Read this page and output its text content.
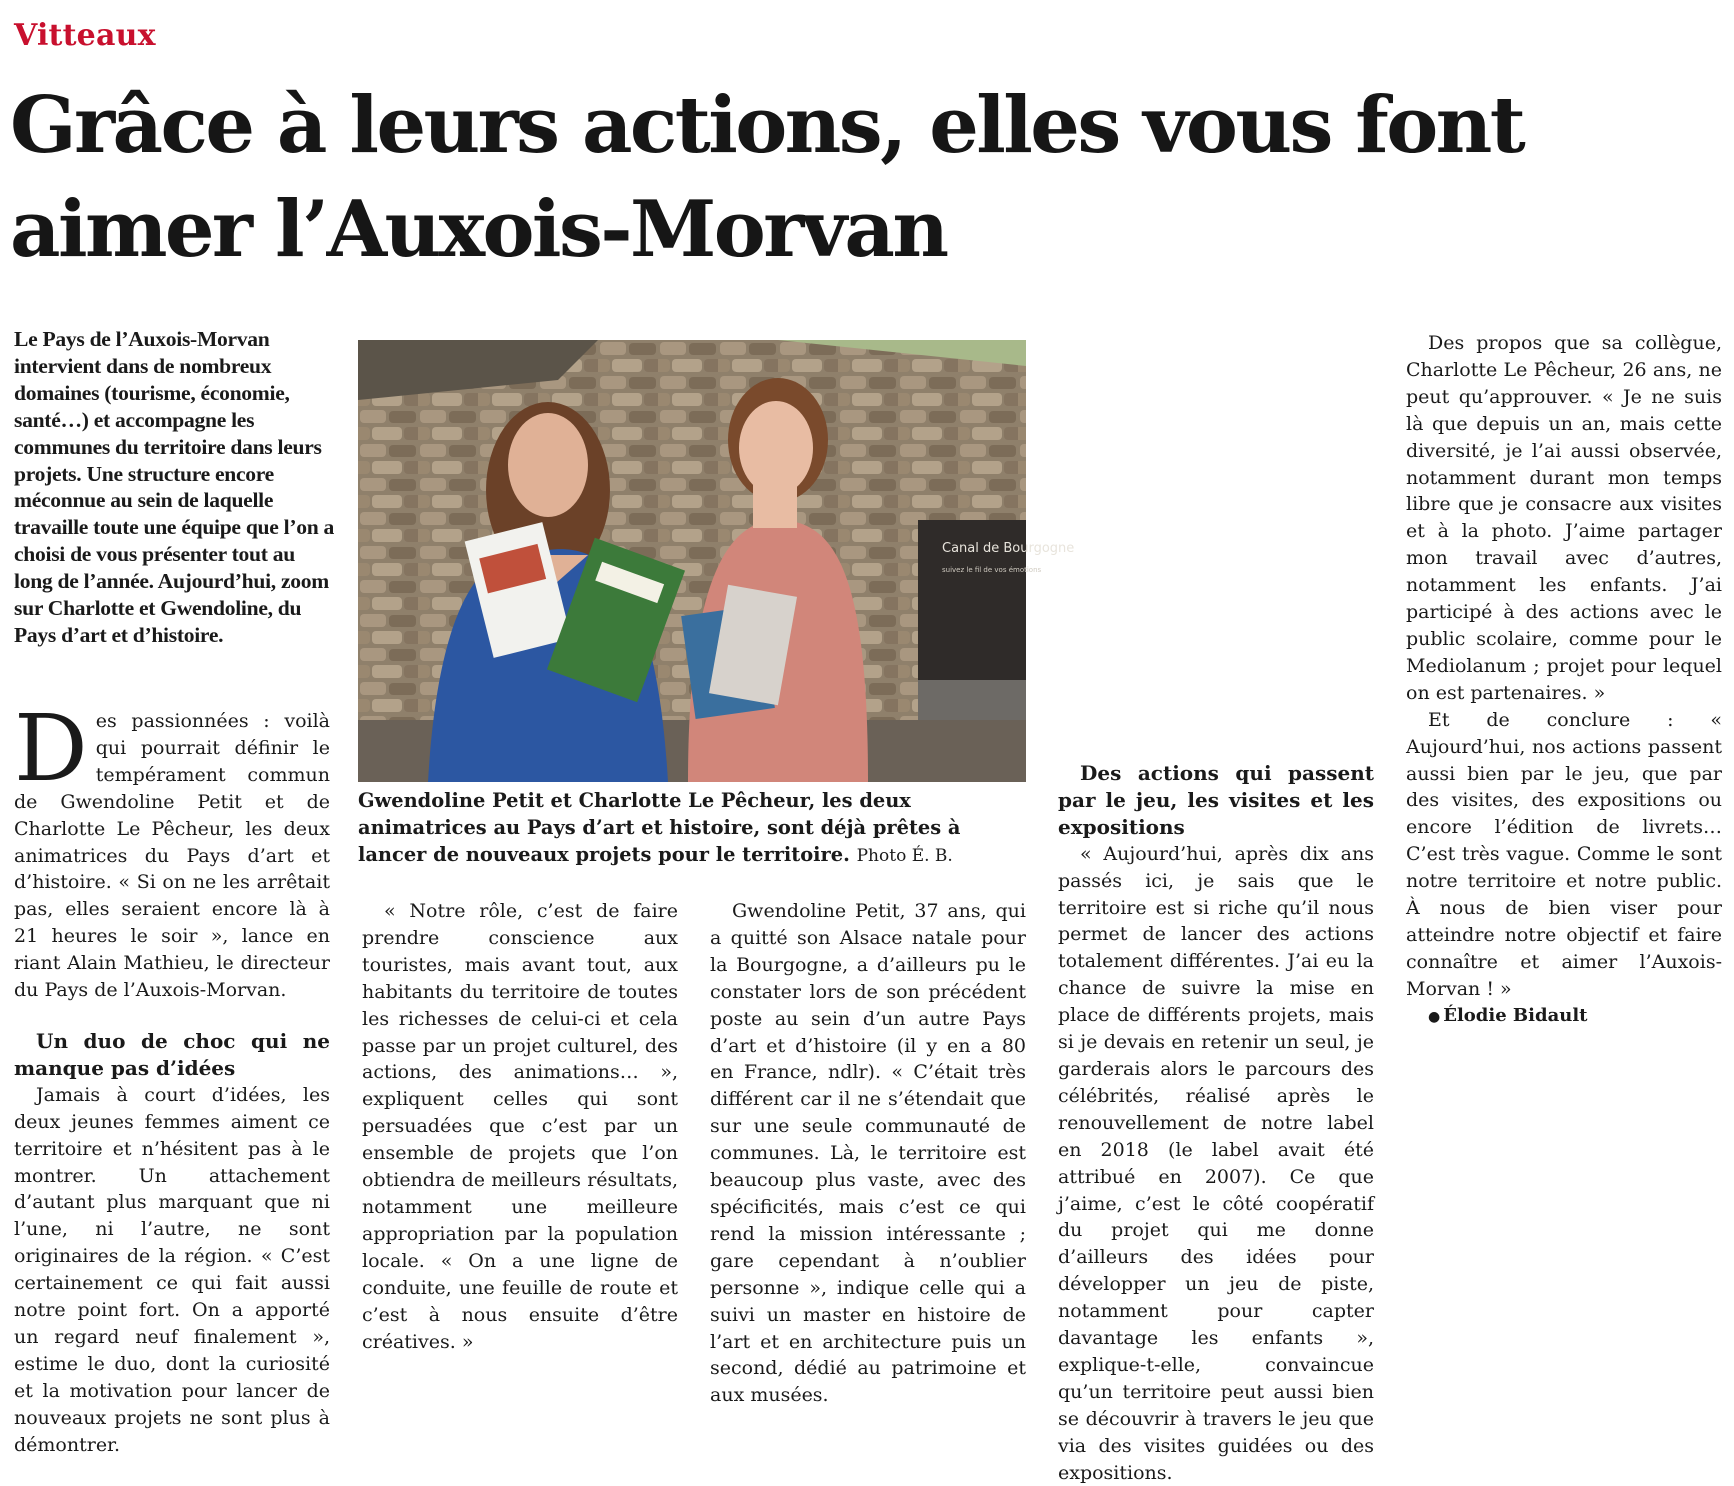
Vitteaux
Grâce à leurs actions, elles vous font aimer l’Auxois-Morvan

Le Pays de l’Auxois-Morvan intervient dans de nombreux domaines (tourisme, économie, santé…) et accompagne les communes du territoire dans leurs projets. Une structure encore méconnue au sein de laquelle travaille toute une équipe que l’on a choisi de vous présenter tout au long de l’année. Aujourd’hui, zoom sur Charlotte et Gwendoline, du Pays d’art et d’histoire.

Des passionnées : voilà qui pourrait définir le tempérament commun de Gwendoline Petit et de Charlotte Le Pêcheur, les deux animatrices du Pays d’art et d’histoire. « Si on ne les arrêtait pas, elles seraient encore là à 21 heures le soir », lance en riant Alain Mathieu, le directeur du Pays de l’Auxois-Morvan.

Un duo de choc qui ne manque pas d’idées

Jamais à court d’idées, les deux jeunes femmes aiment ce territoire et n’hésitent pas à le montrer. Un attachement d’autant plus marquant que ni l’une, ni l’autre, ne sont originaires de la région. « C’est certainement ce qui fait aussi notre point fort. On a apporté un regard neuf finalement », estime le duo, dont la curiosité et la motivation pour lancer de nouveaux projets ne sont plus à démontrer.

Canal de Bourgogne
suivez le fil de vos émotions

Gwendoline Petit et Charlotte Le Pêcheur, les deux animatrices au Pays d’art et histoire, sont déjà prêtes à lancer de nouveaux projets pour le territoire. Photo É. B.

« Notre rôle, c’est de faire prendre conscience aux touristes, mais avant tout, aux habitants du territoire de toutes les richesses de celui-ci et cela passe par un projet culturel, des actions, des animations… », expliquent celles qui sont persuadées que c’est par un ensemble de projets que l’on obtiendra de meilleurs résultats, notamment une meilleure appropriation par la population locale. « On a une ligne de conduite, une feuille de route et c’est à nous ensuite d’être créatives. »

Gwendoline Petit, 37 ans, qui a quitté son Alsace natale pour la Bourgogne, a d’ailleurs pu le constater lors de son précédent poste au sein d’un autre Pays d’art et d’histoire (il y en a 80 en France, ndlr). « C’était très différent car il ne s’étendait que sur une seule communauté de communes. Là, le territoire est beaucoup plus vaste, avec des spécificités, mais c’est ce qui rend la mission intéressante ; gare cependant à n’oublier personne », indique celle qui a suivi un master en histoire de l’art et en architecture puis un second, dédié au patrimoine et aux musées.

Des actions qui passent par le jeu, les visites et les expositions

« Aujourd’hui, après dix ans passés ici, je sais que le territoire est si riche qu’il nous permet de lancer des actions totalement différentes. J’ai eu la chance de suivre la mise en place de différents projets, mais si je devais en retenir un seul, je garderais alors le parcours des célébrités, réalisé après le renouvellement de notre label en 2018 (le label avait été attribué en 2007). Ce que j’aime, c’est le côté coopératif du projet qui me donne d’ailleurs des idées pour développer un jeu de piste, notamment pour capter davantage les enfants », explique-t-elle, convaincue qu’un territoire peut aussi bien se découvrir à travers le jeu que via des visites guidées ou des expositions.

Des propos que sa collègue, Charlotte Le Pêcheur, 26 ans, ne peut qu’approuver. « Je ne suis là que depuis un an, mais cette diversité, je l’ai aussi observée, notamment durant mon temps libre que je consacre aux visites et à la photo. J’aime partager mon travail avec d’autres, notamment les enfants. J’ai participé à des actions avec le public scolaire, comme pour le Mediolanum ; projet pour lequel on est partenaires. »

Et de conclure : « Aujourd’hui, nos actions passent aussi bien par le jeu, que par des visites, des expositions ou encore l’édition de livrets… C’est très vague. Comme le sont notre territoire et notre public. À nous de bien viser pour atteindre notre objectif et faire connaître et aimer l’Auxois-Morvan ! »

● Élodie Bidault
